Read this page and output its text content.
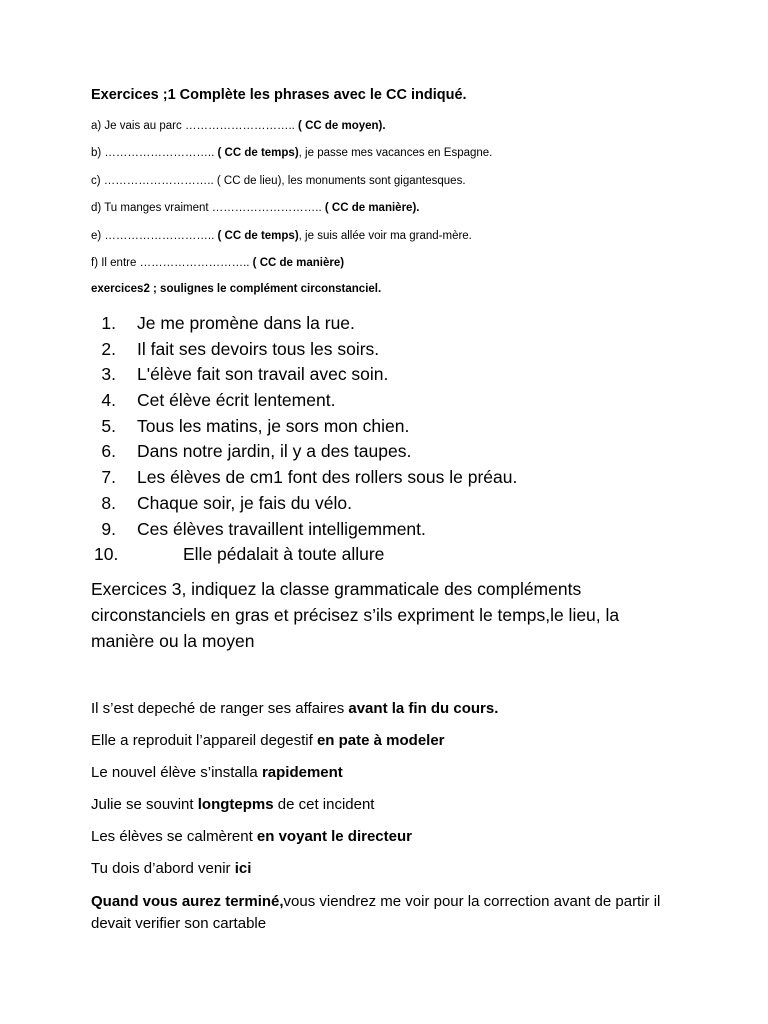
Exercices ;1 Complète les phrases avec le CC indiqué.
a) Je vais au parc ……………………….. ( CC de moyen).
b) ……………………….. ( CC de temps), je passe mes vacances en Espagne.
c) ……………………….. ( CC de lieu), les monuments sont gigantesques.
d) Tu manges vraiment ……………………….. ( CC de manière).
e) ……………………….. ( CC de temps), je suis allée voir ma grand-mère.
f) Il entre ……………………….. ( CC de manière)
exercices2 ; soulignes le complément circonstanciel.
1. Je me promène dans la rue.
2. Il fait ses devoirs tous les soirs.
3. L'élève fait son travail avec soin.
4. Cet élève écrit lentement.
5. Tous les matins, je sors mon chien.
6. Dans notre jardin, il y a des taupes.
7. Les élèves de cm1 font des rollers sous le préau.
8. Chaque soir, je fais du vélo.
9. Ces élèves travaillent intelligemment.
10.	Elle pédalait à toute allure
Exercices 3, indiquez la classe grammaticale des compléments circonstanciels en gras et précisez s’ils expriment le temps,le lieu, la manière ou la moyen
Il s’est depeché de ranger ses affaires avant la fin du cours.
Elle a reproduit l’appareil degestif en pate à modeler
Le nouvel élève s’installa rapidement
Julie se souvint longtepms de cet incident
Les élèves se calmèrent en voyant le directeur
Tu dois d’abord venir ici
Quand vous aurez terminé,vous viendrez me voir pour la correction avant de partir il devait verifier son cartable
